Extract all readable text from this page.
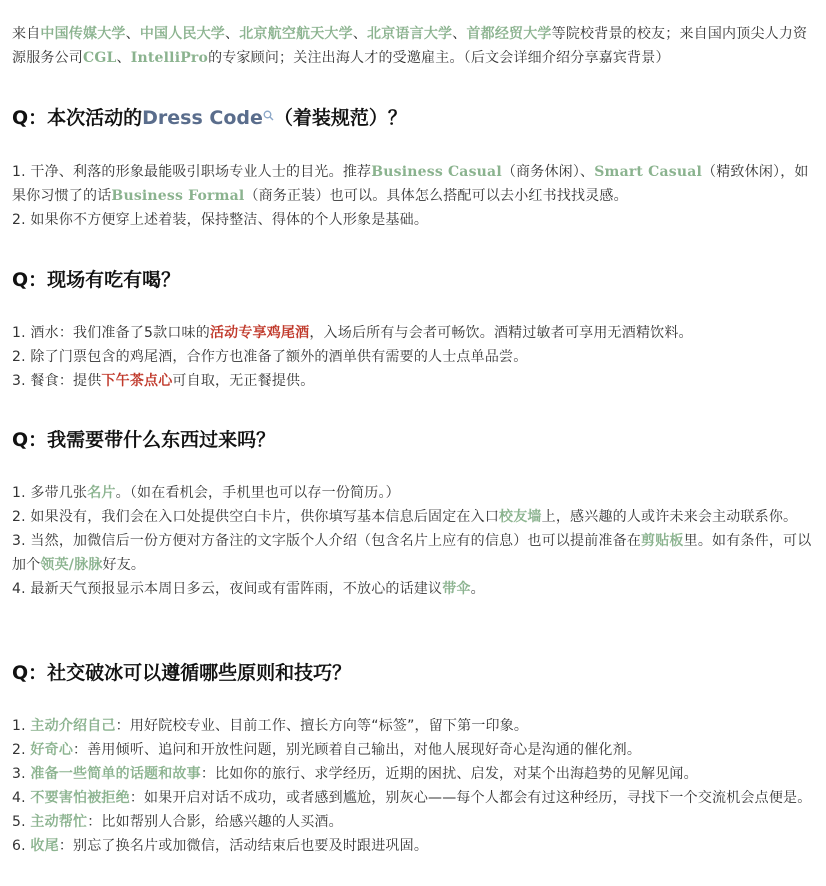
来自中国传媒大学、中国人民大学、北京航空航天大学、北京语言大学、首都经贸大学等院校背景的校友；来自国内顶尖人力资源服务公司CGL、IntelliPro的专家顾问；关注出海人才的受邀雇主。（后文会详细介绍分享嘉宾背景）

Q：本次活动的Dress Code （着装规范）？

1. 干净、利落的形象最能吸引职场专业人士的目光。推荐Business Casual（商务休闲）、Smart Casual（精致休闲），如果你习惯了的话Business Formal（商务正装）也可以。具体怎么搭配可以去小红书找找灵感。

2. 如果你不方便穿上述着装，保持整洁、得体的个人形象是基础。

Q：现场有吃有喝？

1. 酒水：我们准备了5款口味的活动专享鸡尾酒，入场后所有与会者可畅饮。酒精过敏者可享用无酒精饮料。

2. 除了门票包含的鸡尾酒，合作方也准备了额外的酒单供有需要的人士点单品尝。

3. 餐食：提供下午茶点心可自取，无正餐提供。

Q：我需要带什么东西过来吗？

1. 多带几张名片。（如在看机会，手机里也可以存一份简历。）

2. 如果没有，我们会在入口处提供空白卡片，供你填写基本信息后固定在入口校友墙上，感兴趣的人或许未来会主动联系你。

3. 当然，加微信后一份方便对方备注的文字版个人介绍（包含名片上应有的信息）也可以提前准备在剪贴板里。如有条件，可以加个领英/脉脉好友。

4. 最新天气预报显示本周日多云，夜间或有雷阵雨，不放心的话建议带伞。

Q：社交破冰可以遵循哪些原则和技巧？

1. 主动介绍自己：用好院校专业、目前工作、擅长方向等“标签”，留下第一印象。

2. 好奇心：善用倾听、追问和开放性问题，别光顾着自己输出，对他人展现好奇心是沟通的催化剂。

3. 准备一些简单的话题和故事：比如你的旅行、求学经历，近期的困扰、启发，对某个出海趋势的见解见闻。

4. 不要害怕被拒绝：如果开启对话不成功，或者感到尴尬，别灰心——每个人都会有过这种经历，寻找下一个交流机会点便是。

5. 主动帮忙：比如帮别人合影，给感兴趣的人买酒。

6. 收尾：别忘了换名片或加微信，活动结束后也要及时跟进巩固。
